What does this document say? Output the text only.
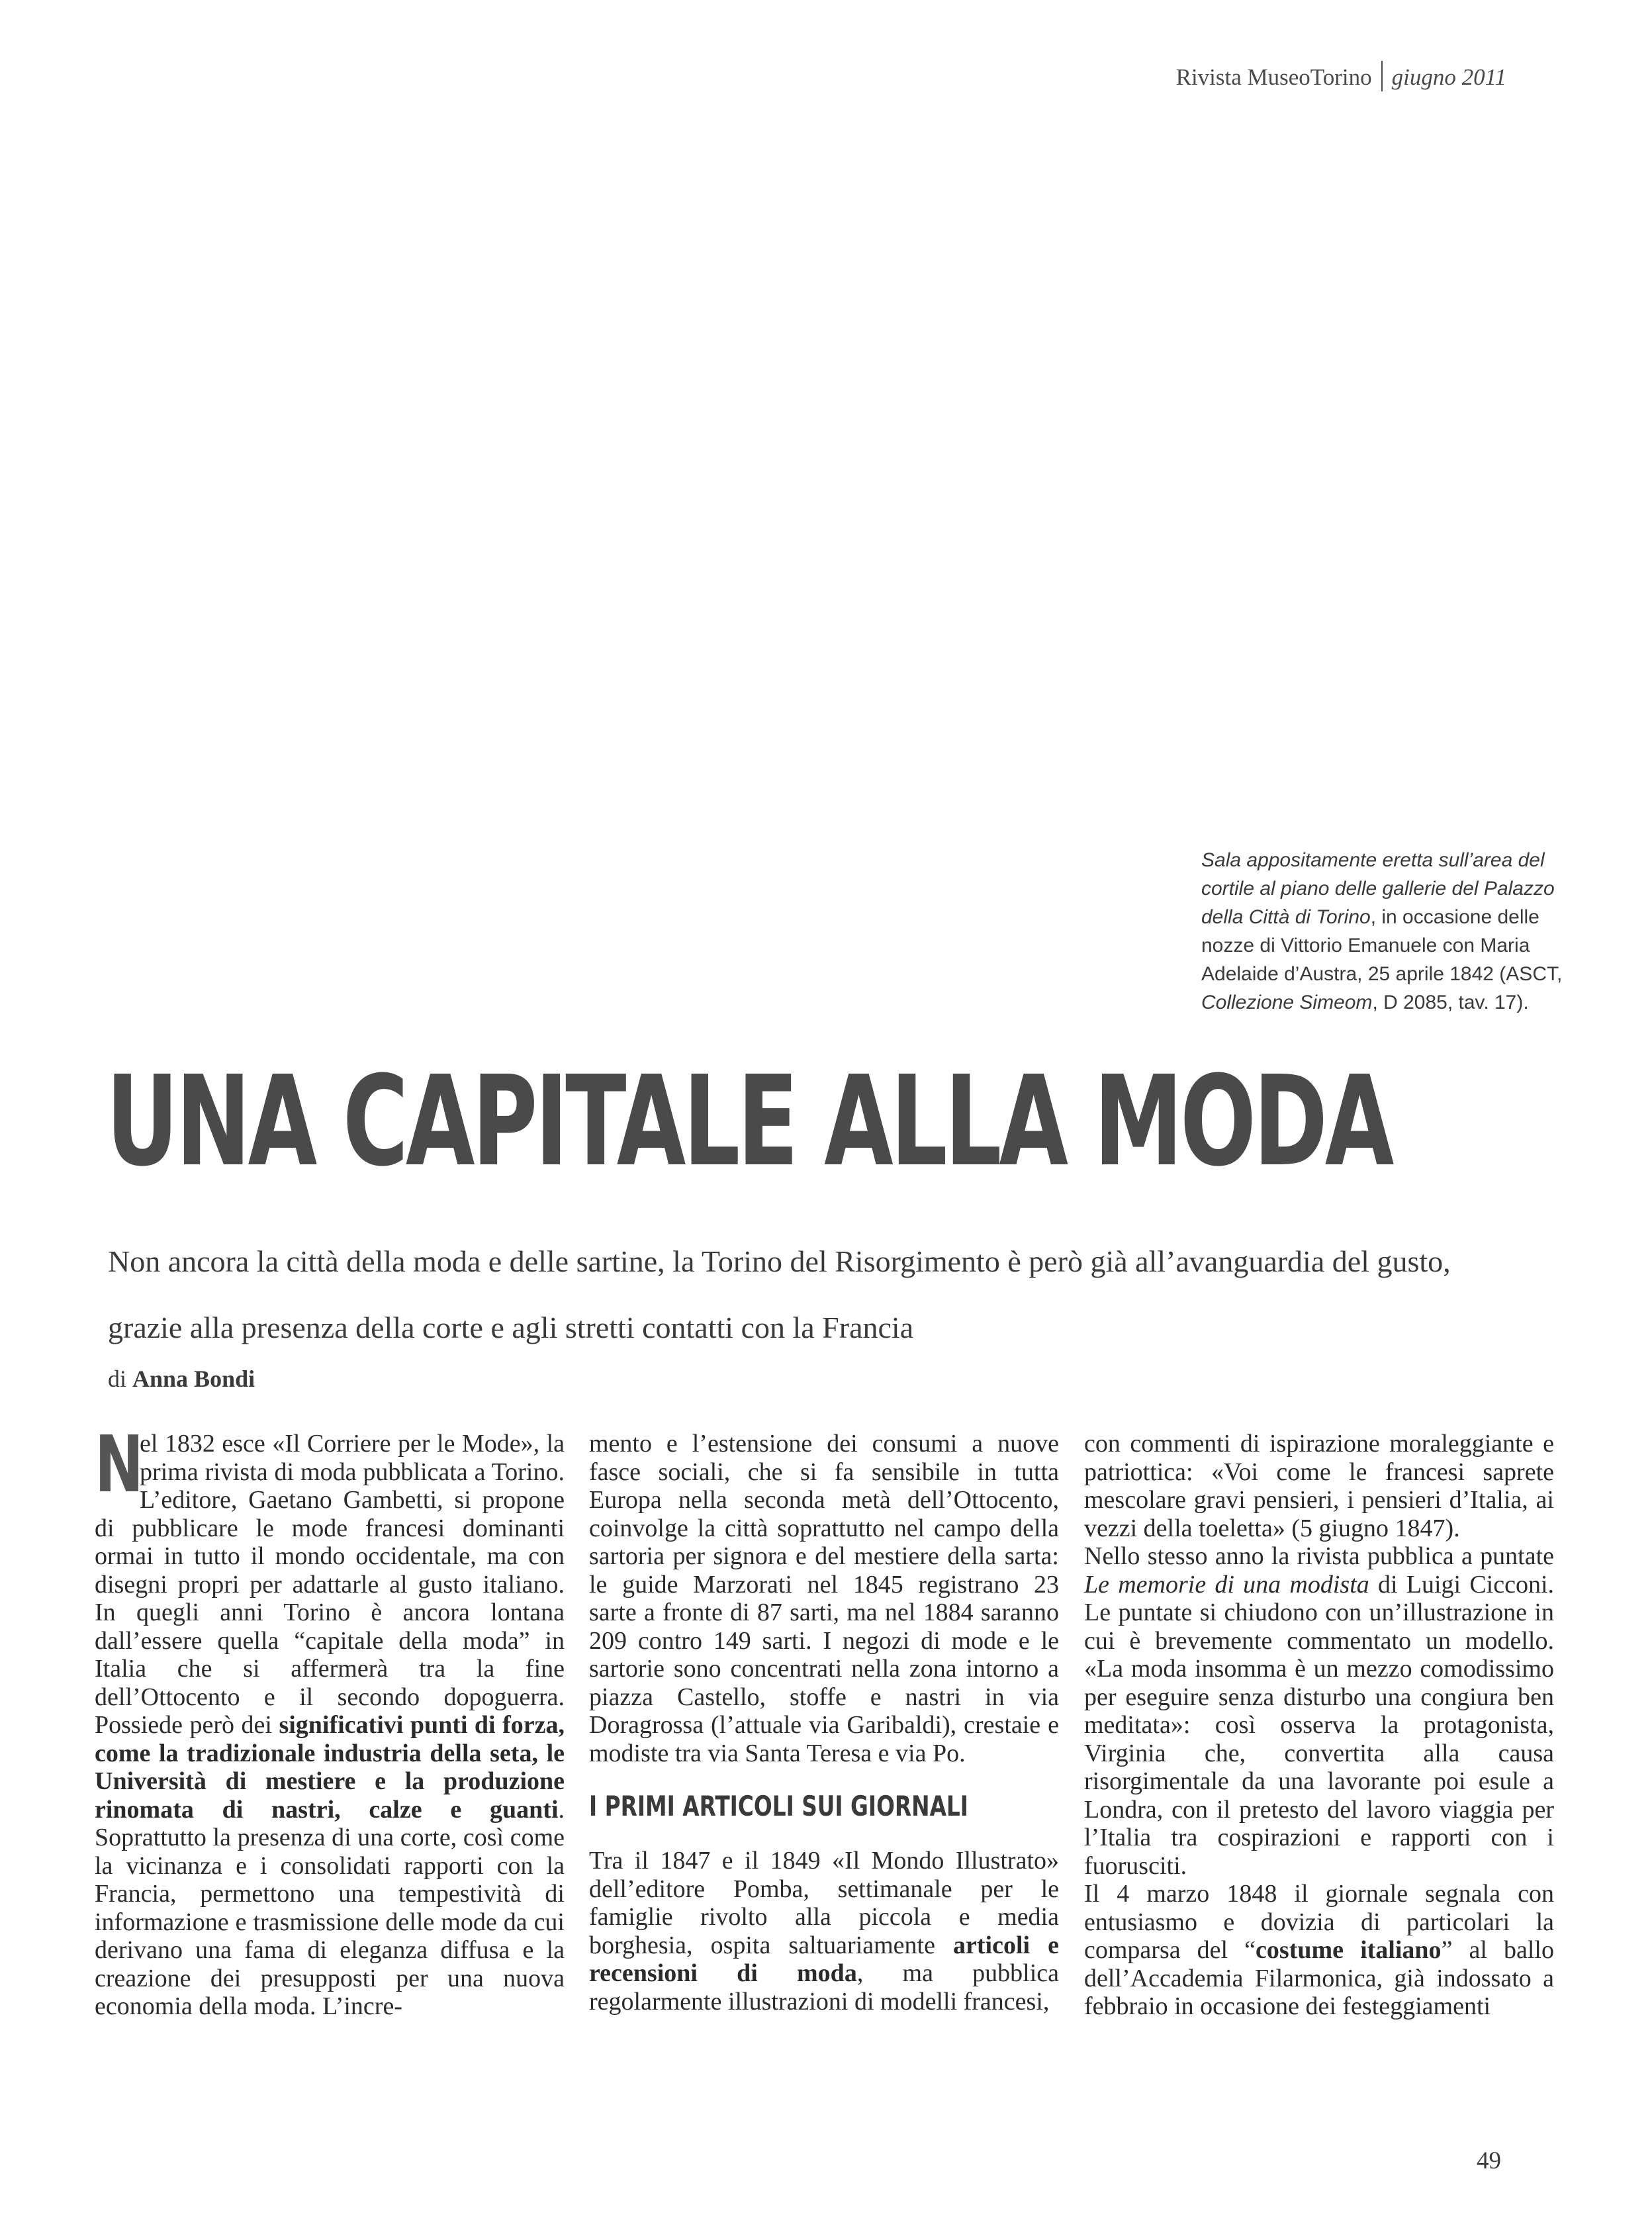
Rivista MuseoTorino giugno 2011
Sala appositamente eretta sull’area del cortile al piano delle gallerie del Palazzo della Città di Torino, in occasione delle nozze di Vittorio Emanuele con Maria Adelaide d’Austra, 25 aprile 1842 (ASCT, Collezione Simeom, D 2085, tav. 17).
UNA CAPITALE ALLA MODA
Non ancora la città della moda e delle sartine, la Torino del Risorgimento è però già all’avanguardia del gusto, grazie alla presenza della corte e agli stretti contatti con la Francia
di Anna Bondi

N
el 1832 esce «Il Corriere per le Mode», la prima rivista di moda pubblicata a Torino. L’editore, Gaetano Gambetti, si propone di pubblicare le mode francesi dominanti ormai in tutto il mondo occidentale, ma con disegni propri per adattarle al gusto italiano. In quegli anni Torino è ancora lontana dall’essere quella “capitale della moda” in Italia che si affermerà tra la fine dell’Ottocento e il secondo dopoguerra. Possiede però dei significativi punti di forza, come la tradizionale industria della seta, le Università di mestiere e la produzione rinomata di nastri, calze e guanti. Soprattutto la presenza di una corte, così come la vicinanza e i consolidati rapporti con la Francia, permettono una tempestività di informazione e trasmissione delle mode da cui derivano una fama di eleganza diffusa e la creazione dei presupposti per una nuova economia della moda. L’incre-

mento e l’estensione dei consumi a nuove fasce sociali, che si fa sensibile in tutta Europa nella seconda metà dell’Ottocento, coinvolge la città soprattutto nel campo della sartoria per signora e del mestiere della sarta: le guide Marzorati nel 1845 registrano 23 sarte a fronte di 87 sarti, ma nel 1884 saranno 209 contro 149 sarti. I negozi di mode e le sartorie sono concentrati nella zona intorno a piazza Castello, stoffe e nastri in via Doragrossa (l’attuale via Garibaldi), crestaie e modiste tra via Santa Teresa e via Po.

I PRIMI ARTICOLI SUI GIORNALI

Tra il 1847 e il 1849 «Il Mondo Illustrato» dell’editore Pomba, settimanale per le famiglie rivolto alla piccola e media borghesia, ospita saltuariamente articoli e recensioni di moda, ma pubblica regolarmente illustrazioni di modelli francesi,

con commenti di ispirazione moraleggiante e patriottica: «Voi come le francesi saprete mescolare gravi pensieri, i pensieri d’Italia, ai vezzi della toeletta» (5 giugno 1847).

Nello stesso anno la rivista pubblica a puntate Le memorie di una modista di Luigi Cicconi. Le puntate si chiudono con un’illustrazione in cui è brevemente commentato un modello. «La moda insomma è un mezzo comodissimo per eseguire senza disturbo una congiura ben meditata»: così osserva la protagonista, Virginia che, convertita alla causa risorgimentale da una lavorante poi esule a Londra, con il pretesto del lavoro viaggia per l’Italia tra cospirazioni e rapporti con i fuorusciti.

Il 4 marzo 1848 il giornale segnala con entusiasmo e dovizia di particolari la comparsa del “costume italiano” al ballo dell’Accademia Filarmonica, già indossato a febbraio in occasione dei festeggiamenti

49
